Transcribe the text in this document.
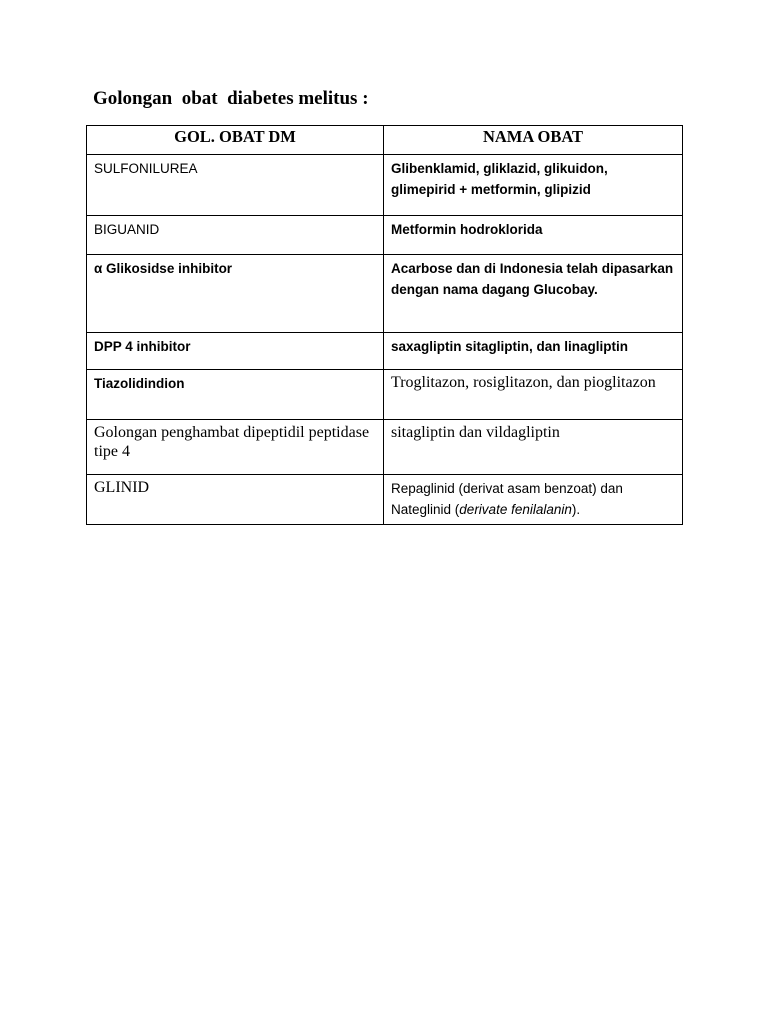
Golongan  obat  diabetes melitus :
GOL. OBAT DM	NAMA OBAT
SULFONILUREA	Glibenklamid, gliklazid, glikuidon, glimepirid + metformin, glipizid
BIGUANID	Metformin hodroklorida
α Glikosidse inhibitor	Acarbose dan di Indonesia telah dipasarkan dengan nama dagang Glucobay.
DPP 4 inhibitor	saxagliptin sitagliptin, dan linagliptin
Tiazolidindion	Troglitazon, rosiglitazon, dan pioglitazon
Golongan penghambat dipeptidil peptidase tipe 4	sitagliptin dan vildagliptin
GLINID	Repaglinid (derivat asam benzoat) dan Nateglinid (derivate fenilalanin).
